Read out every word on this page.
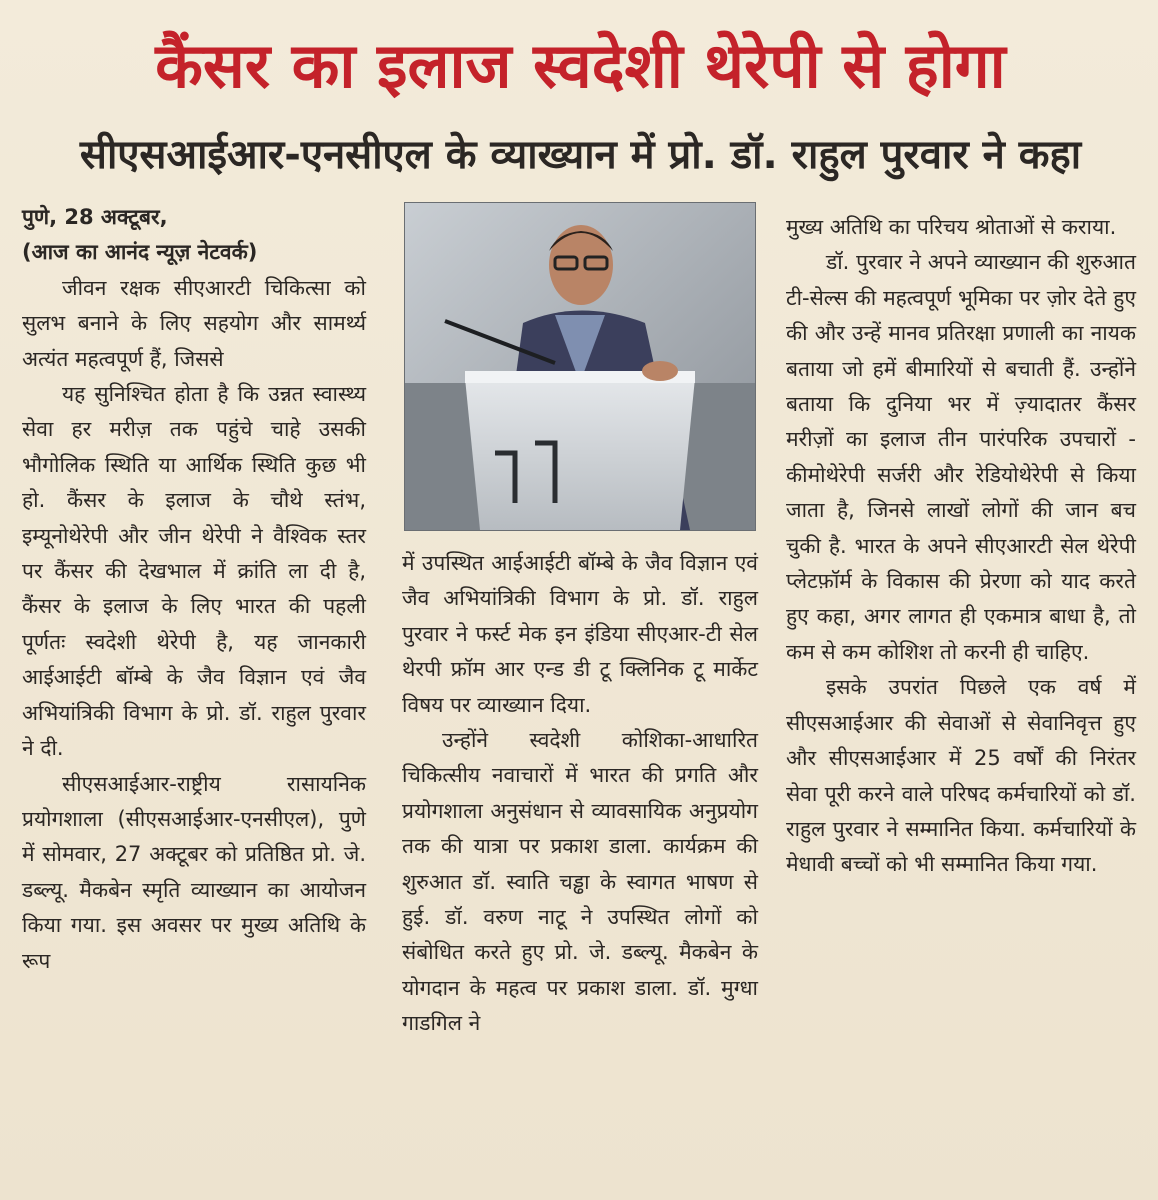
कैंसर का इलाज स्वदेशी थेरेपी से होगा
सीएसआईआर-एनसीएल के व्याख्यान में प्रो. डॉ. राहुल पुरवार ने कहा

पुणे, 28 अक्टूबर,

(आज का आनंद न्यूज़ नेटवर्क)

जीवन रक्षक सीएआरटी चिकित्सा को सुलभ बनाने के लिए सहयोग और सामर्थ्य अत्यंत महत्वपूर्ण हैं, जिससे

यह सुनिश्चित होता है कि उन्नत स्वास्थ्य सेवा हर मरीज़ तक पहुंचे चाहे उसकी भौगोलिक स्थिति या आर्थिक स्थिति कुछ भी हो. कैंसर के इलाज के चौथे स्तंभ, इम्यूनोथेरेपी और जीन थेरेपी ने वैश्विक स्तर पर कैंसर की देखभाल में क्रांति ला दी है, कैंसर के इलाज के लिए भारत की पहली पूर्णतः स्वदेशी थेरेपी है, यह जानकारी आईआईटी बॉम्बे के जैव विज्ञान एवं जैव अभियांत्रिकी विभाग के प्रो. डॉ. राहुल पुरवार ने दी.

सीएसआईआर-राष्ट्रीय रासायनिक प्रयोगशाला (सीएसआईआर-एनसीएल), पुणे में सोमवार, 27 अक्टूबर को प्रतिष्ठित प्रो. जे. डब्ल्यू. मैकबेन स्मृति व्याख्यान का आयोजन किया गया. इस अवसर पर मुख्य अतिथि के रूप

में उपस्थित आईआईटी बॉम्बे के जैव विज्ञान एवं जैव अभियांत्रिकी विभाग के प्रो. डॉ. राहुल पुरवार ने फर्स्ट मेक इन इंडिया सीएआर-टी सेल थेरपी फ्रॉम आर एन्ड डी टू क्लिनिक टू मार्केट विषय पर व्याख्यान दिया.

उन्होंने स्वदेशी कोशिका-आधारित चिकित्सीय नवाचारों में भारत की प्रगति और प्रयोगशाला अनुसंधान से व्यावसायिक अनुप्रयोग तक की यात्रा पर प्रकाश डाला. कार्यक्रम की शुरुआत डॉ. स्वाति चड्ढा के स्वागत भाषण से हुई. डॉ. वरुण नाटू ने उपस्थित लोगों को संबोधित करते हुए प्रो. जे. डब्ल्यू. मैकबेन के योगदान के महत्व पर प्रकाश डाला. डॉ. मुग्धा गाडगिल ने

मुख्य अतिथि का परिचय श्रोताओं से कराया.

डॉ. पुरवार ने अपने व्याख्यान की शुरुआत टी-सेल्स की महत्वपूर्ण भूमिका पर ज़ोर देते हुए की और उन्हें मानव प्रतिरक्षा प्रणाली का नायक बताया जो हमें बीमारियों से बचाती हैं. उन्होंने बताया कि दुनिया भर में ज़्यादातर कैंसर मरीज़ों का इलाज तीन पारंपरिक उपचारों - कीमोथेरेपी सर्जरी और रेडियोथेरेपी से किया जाता है, जिनसे लाखों लोगों की जान बच चुकी है. भारत के अपने सीएआरटी सेल थेरेपी प्लेटफ़ॉर्म के विकास की प्रेरणा को याद करते हुए कहा, अगर लागत ही एकमात्र बाधा है, तो कम से कम कोशिश तो करनी ही चाहिए.

इसके उपरांत पिछले एक वर्ष में सीएसआईआर की सेवाओं से सेवानिवृत्त हुए और सीएसआईआर में 25 वर्षों की निरंतर सेवा पूरी करने वाले परिषद कर्मचारियों को डॉ. राहुल पुरवार ने सम्मानित किया. कर्मचारियों के मेधावी बच्चों को भी सम्मानित किया गया.
